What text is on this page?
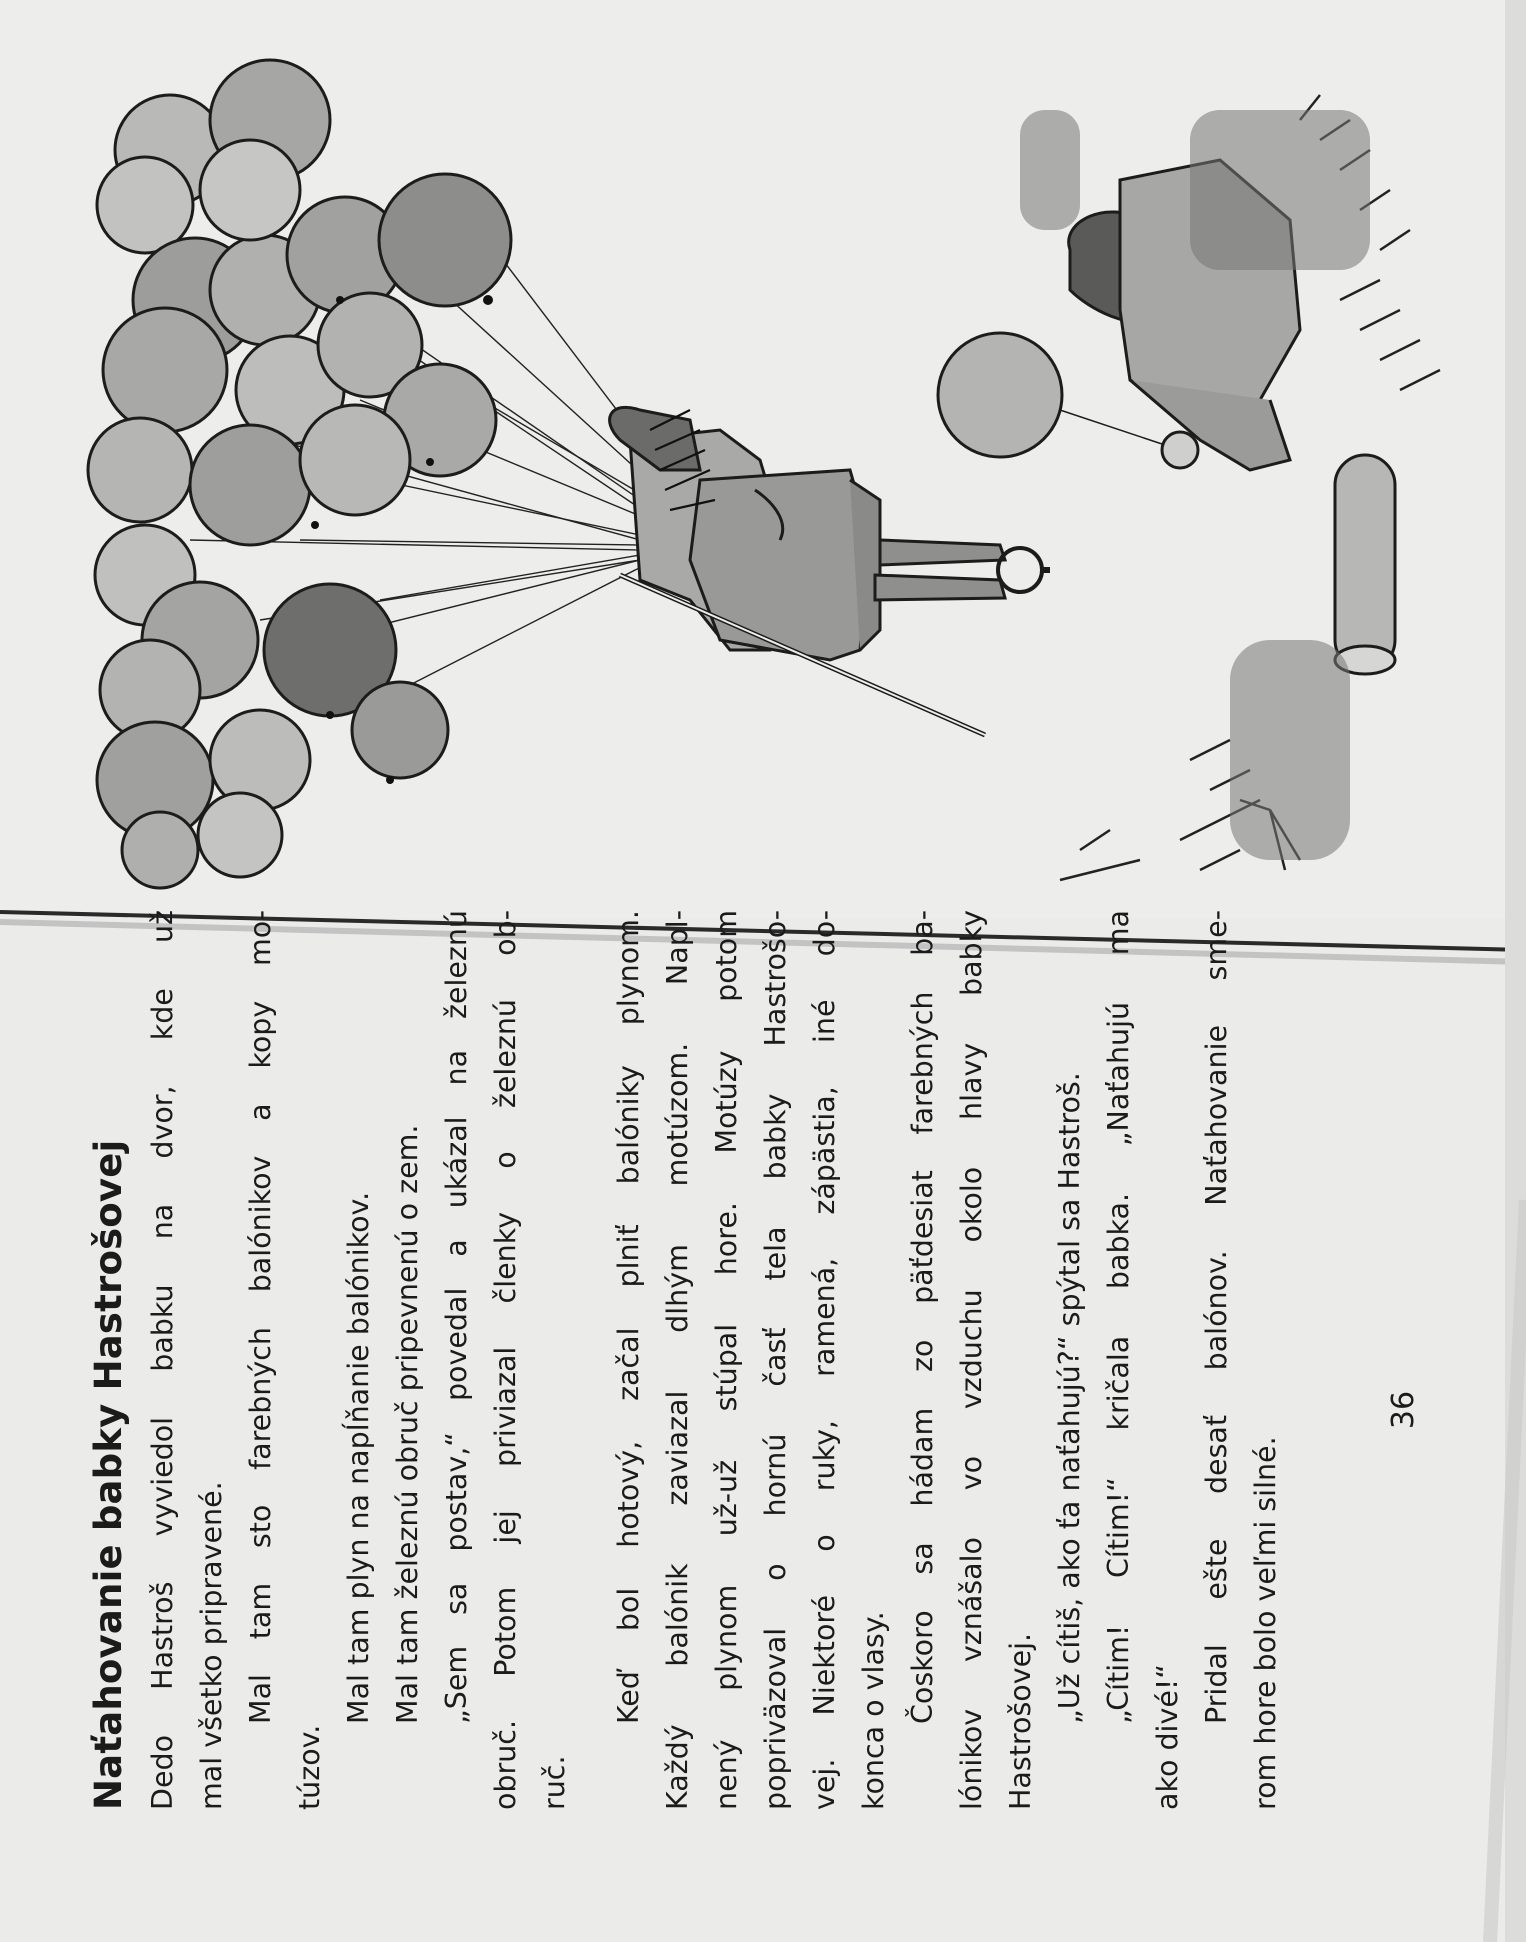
Naťahovanie babky Hastrošovej Dedo Hastroš vyviedol babku na dvor, kde už mal všetko pripravené. Mal tam sto farebných balónikov a kopy mo-
túzov.
Mal tam plyn na napĺňanie balónikov. Mal tam železnú obruč pripevnenú o zem. „Sem sa postav,“ povedal a ukázal na železnú obruč. Potom jej priviazal členky o železnú ob- ruč.
Keď bol hotový, začal plniť balóniky plynom. Každý balónik zaviazal dlhým motúzom. Napl- nený plynom už-už stúpal hore. Motúzy potom popriväzoval o hornú časť tela babky Hastrošo- vej. Niektoré o ruky, ramená, zápästia, iné do- konca o vlasy. Čoskoro sa hádam zo päťdesiat farebných ba- lónikov vznášalo vo vzduchu okolo hlavy babky Hastrošovej. „Už cítiš, ako ťa naťahujú?“ spýtal sa Hastroš. „Cítim! Cítim!“ kričala babka. „Naťahujú ma
ako divé!“
Pridal ešte desať balónov. Naťahovanie sme- rom hore bolo veľmi silné.
36
